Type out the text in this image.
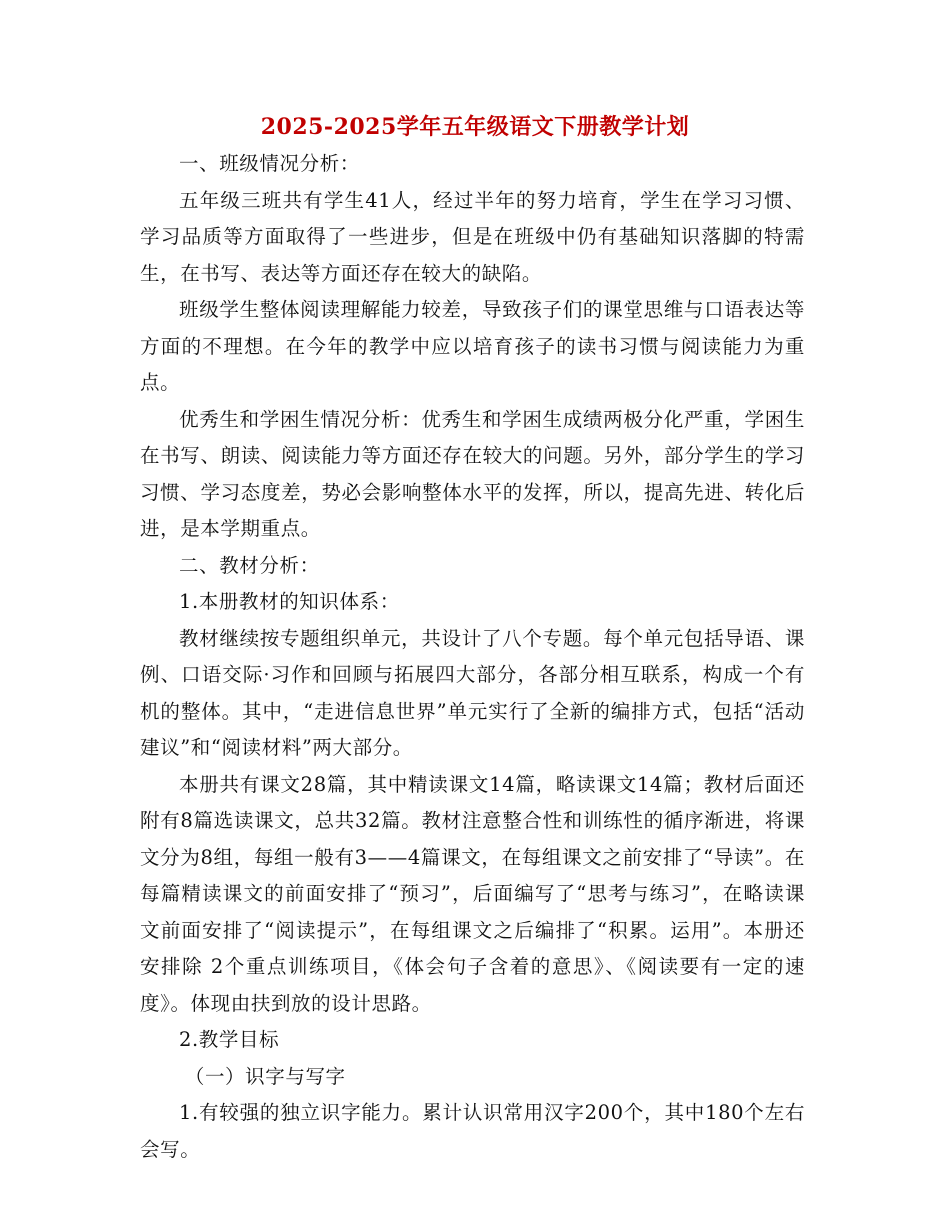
2025-2025学年五年级语文下册教学计划

一、班级情况分析：

五年级三班共有学生41人，经过半年的努力培育，学生在学习习惯、学习品质等方面取得了一些进步，但是在班级中仍有基础知识落脚的特需生，在书写、表达等方面还存在较大的缺陷。

班级学生整体阅读理解能力较差，导致孩子们的课堂思维与口语表达等方面的不理想。在今年的教学中应以培育孩子的读书习惯与阅读能力为重点。

优秀生和学困生情况分析：优秀生和学困生成绩两极分化严重，学困生在书写、朗读、阅读能力等方面还存在较大的问题。另外，部分学生的学习习惯、学习态度差，势必会影响整体水平的发挥，所以，提高先进、转化后进，是本学期重点。

二、教材分析：

1.本册教材的知识体系：

教材继续按专题组织单元，共设计了八个专题。每个单元包括导语、课例、口语交际·习作和回顾与拓展四大部分，各部分相互联系，构成一个有机的整体。其中，“走进信息世界”单元实行了全新的编排方式，包括“活动建议”和“阅读材料”两大部分。

本册共有课文28篇，其中精读课文14篇，略读课文14篇；教材后面还附有8篇选读课文，总共32篇。教材注意整合性和训练性的循序渐进，将课文分为8组，每组一般有3——4篇课文，在每组课文之前安排了“导读”。在每篇精读课文的前面安排了“预习”，后面编写了“思考与练习”，在略读课文前面安排了“阅读提示”，在每组课文之后编排了“积累。运用”。本册还安排除 2个重点训练项目，《体会句子含着的意思》、《阅读要有一定的速度》。体现由扶到放的设计思路。

2.教学目标

（一）识字与写字

1.有较强的独立识字能力。累计认识常用汉字200个，其中180个左右会写。
